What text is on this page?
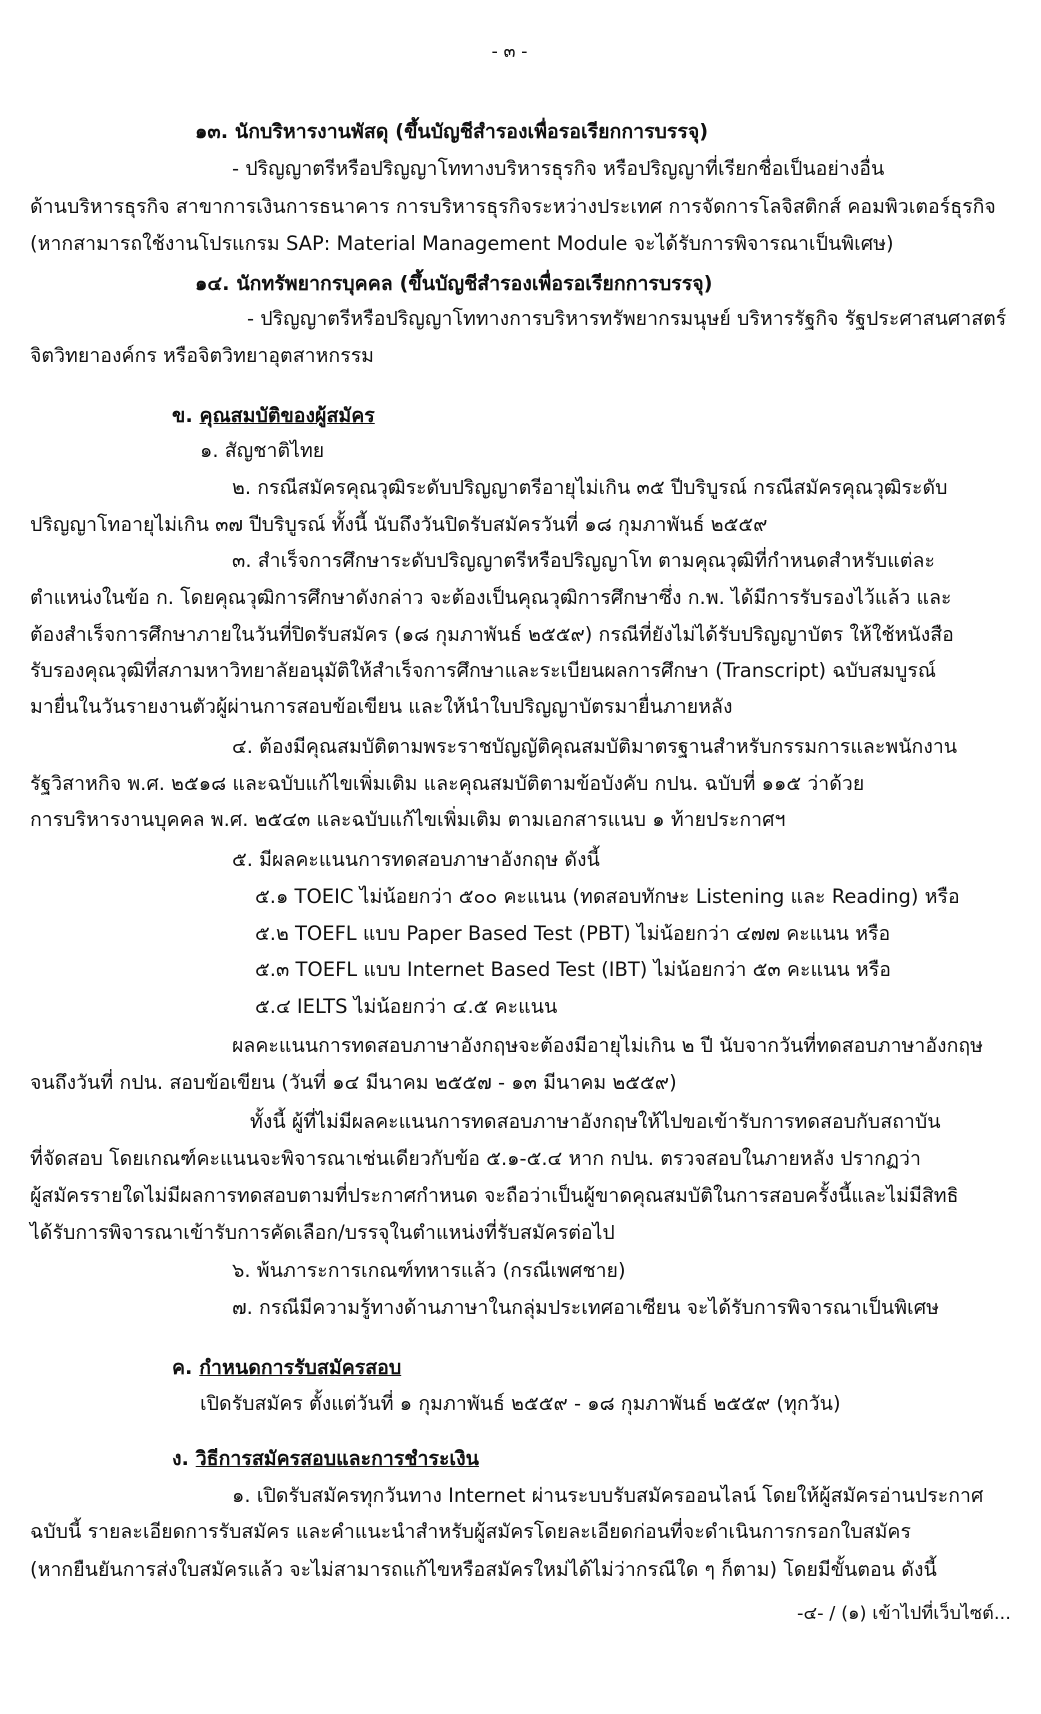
- ๓ -
๑๓. นักบริหารงานพัสดุ (ขึ้นบัญชีสำรองเพื่อรอเรียกการบรรจุ)
- ปริญญาตรีหรือปริญญาโททางบริหารธุรกิจ หรือปริญญาที่เรียกชื่อเป็นอย่างอื่น
ด้านบริหารธุรกิจ สาขาการเงินการธนาคาร การบริหารธุรกิจระหว่างประเทศ การจัดการโลจิสติกส์ คอมพิวเตอร์ธุรกิจ
(หากสามารถใช้งานโปรแกรม SAP: Material Management Module จะได้รับการพิจารณาเป็นพิเศษ)
๑๔. นักทรัพยากรบุคคล (ขึ้นบัญชีสำรองเพื่อรอเรียกการบรรจุ)
- ปริญญาตรีหรือปริญญาโททางการบริหารทรัพยากรมนุษย์ บริหารรัฐกิจ รัฐประศาสนศาสตร์
จิตวิทยาองค์กร หรือจิตวิทยาอุตสาหกรรม
ข. คุณสมบัติของผู้สมัคร
๑. สัญชาติไทย
๒. กรณีสมัครคุณวุฒิระดับปริญญาตรีอายุไม่เกิน ๓๕ ปีบริบูรณ์ กรณีสมัครคุณวุฒิระดับ
ปริญญาโทอายุไม่เกิน ๓๗ ปีบริบูรณ์ ทั้งนี้ นับถึงวันปิดรับสมัครวันที่ ๑๘ กุมภาพันธ์ ๒๕๕๙
๓. สำเร็จการศึกษาระดับปริญญาตรีหรือปริญญาโท ตามคุณวุฒิที่กำหนดสำหรับแต่ละ
ตำแหน่งในข้อ ก. โดยคุณวุฒิการศึกษาดังกล่าว จะต้องเป็นคุณวุฒิการศึกษาซึ่ง ก.พ. ได้มีการรับรองไว้แล้ว และ
ต้องสำเร็จการศึกษาภายในวันที่ปิดรับสมัคร (๑๘ กุมภาพันธ์ ๒๕๕๙) กรณีที่ยังไม่ได้รับปริญญาบัตร ให้ใช้หนังสือ
รับรองคุณวุฒิที่สภามหาวิทยาลัยอนุมัติให้สำเร็จการศึกษาและระเบียนผลการศึกษา (Transcript) ฉบับสมบูรณ์
มายื่นในวันรายงานตัวผู้ผ่านการสอบข้อเขียน และให้นำใบปริญญาบัตรมายื่นภายหลัง
๔. ต้องมีคุณสมบัติตามพระราชบัญญัติคุณสมบัติมาตรฐานสำหรับกรรมการและพนักงาน
รัฐวิสาหกิจ พ.ศ. ๒๕๑๘ และฉบับแก้ไขเพิ่มเติม และคุณสมบัติตามข้อบังคับ กปน. ฉบับที่ ๑๑๕ ว่าด้วย
การบริหารงานบุคคล พ.ศ. ๒๕๔๓ และฉบับแก้ไขเพิ่มเติม ตามเอกสารแนบ ๑ ท้ายประกาศฯ
๕. มีผลคะแนนการทดสอบภาษาอังกฤษ ดังนี้
๕.๑ TOEIC ไม่น้อยกว่า ๕๐๐ คะแนน (ทดสอบทักษะ Listening และ Reading) หรือ
๕.๒ TOEFL แบบ Paper Based Test (PBT) ไม่น้อยกว่า ๔๗๗ คะแนน หรือ
๕.๓ TOEFL แบบ Internet Based Test (IBT) ไม่น้อยกว่า ๕๓ คะแนน หรือ
๕.๔ IELTS ไม่น้อยกว่า ๔.๕ คะแนน
ผลคะแนนการทดสอบภาษาอังกฤษจะต้องมีอายุไม่เกิน ๒ ปี นับจากวันที่ทดสอบภาษาอังกฤษ
จนถึงวันที่ กปน. สอบข้อเขียน (วันที่ ๑๔ มีนาคม ๒๕๕๗ - ๑๓ มีนาคม ๒๕๕๙)
ทั้งนี้ ผู้ที่ไม่มีผลคะแนนการทดสอบภาษาอังกฤษให้ไปขอเข้ารับการทดสอบกับสถาบัน
ที่จัดสอบ โดยเกณฑ์คะแนนจะพิจารณาเช่นเดียวกับข้อ ๕.๑-๕.๔ หาก กปน. ตรวจสอบในภายหลัง ปรากฏว่า
ผู้สมัครรายใดไม่มีผลการทดสอบตามที่ประกาศกำหนด จะถือว่าเป็นผู้ขาดคุณสมบัติในการสอบครั้งนี้และไม่มีสิทธิ
ได้รับการพิจารณาเข้ารับการคัดเลือก/บรรจุในตำแหน่งที่รับสมัครต่อไป
๖. พ้นภาระการเกณฑ์ทหารแล้ว (กรณีเพศชาย)
๗. กรณีมีความรู้ทางด้านภาษาในกลุ่มประเทศอาเซียน จะได้รับการพิจารณาเป็นพิเศษ
ค. กำหนดการรับสมัครสอบ
เปิดรับสมัคร ตั้งแต่วันที่ ๑ กุมภาพันธ์ ๒๕๕๙ - ๑๘ กุมภาพันธ์ ๒๕๕๙ (ทุกวัน)
ง. วิธีการสมัครสอบและการชำระเงิน
๑. เปิดรับสมัครทุกวันทาง Internet ผ่านระบบรับสมัครออนไลน์ โดยให้ผู้สมัครอ่านประกาศ
ฉบับนี้ รายละเอียดการรับสมัคร และคำแนะนำสำหรับผู้สมัครโดยละเอียดก่อนที่จะดำเนินการกรอกใบสมัคร
(หากยืนยันการส่งใบสมัครแล้ว จะไม่สามารถแก้ไขหรือสมัครใหม่ได้ไม่ว่ากรณีใด ๆ ก็ตาม) โดยมีขั้นตอน ดังนี้
-๔- / (๑) เข้าไปที่เว็บไซต์...
